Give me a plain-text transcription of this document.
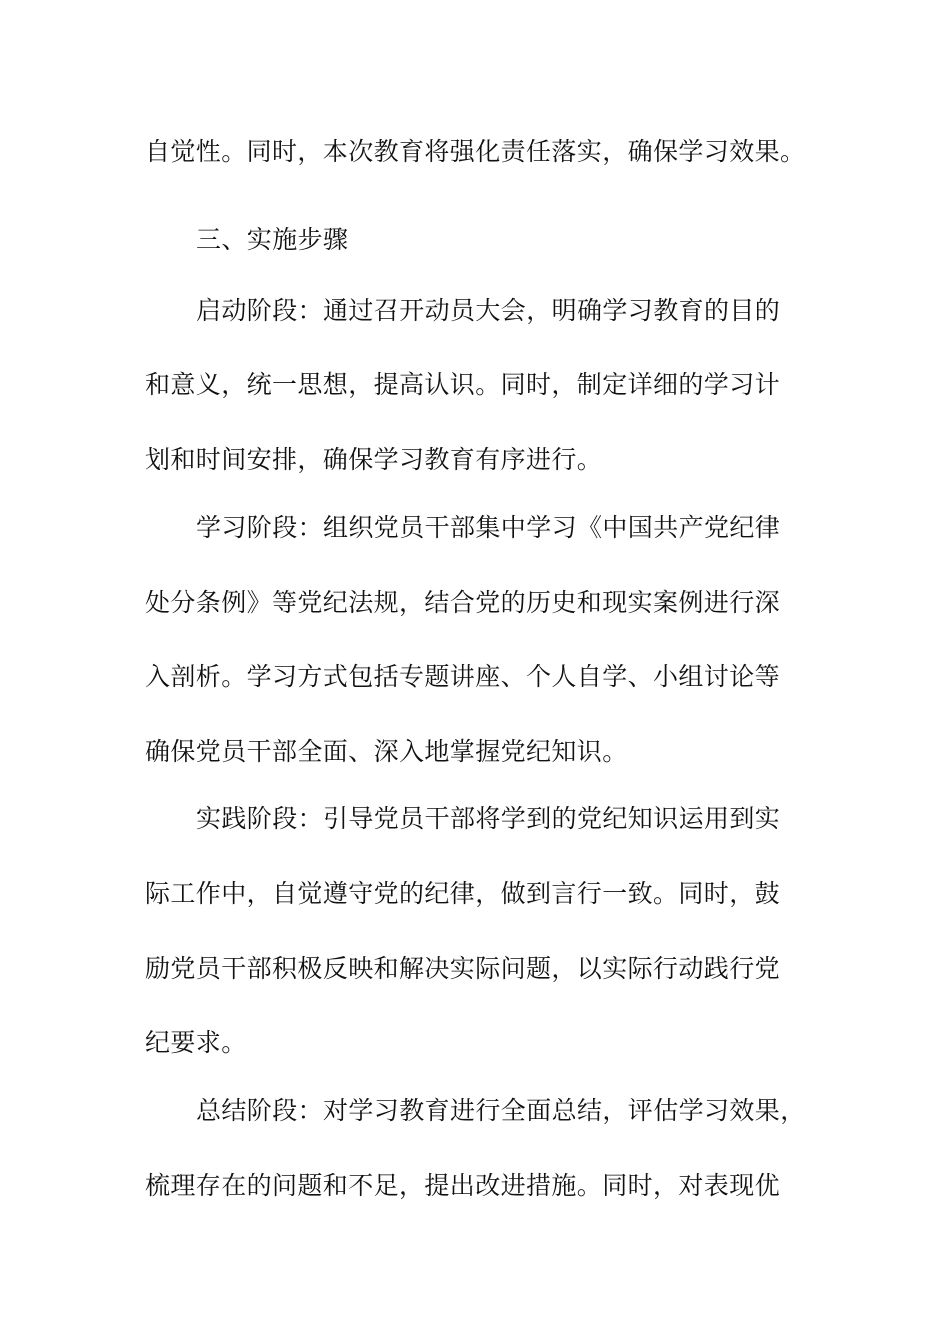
自觉性。同时，本次教育将强化责任落实，确保学习效果。
三、实施步骤
启动阶段：通过召开动员大会，明确学习教育的目的
和意义，统一思想，提高认识。同时，制定详细的学习计
划和时间安排，确保学习教育有序进行。
学习阶段：组织党员干部集中学习《中国共产党纪律
处分条例》等党纪法规，结合党的历史和现实案例进行深
入剖析。学习方式包括专题讲座、个人自学、小组讨论等
确保党员干部全面、深入地掌握党纪知识。
实践阶段：引导党员干部将学到的党纪知识运用到实
际工作中，自觉遵守党的纪律，做到言行一致。同时，鼓
励党员干部积极反映和解决实际问题，以实际行动践行党
纪要求。
总结阶段：对学习教育进行全面总结，评估学习效果，
梳理存在的问题和不足，提出改进措施。同时，对表现优
